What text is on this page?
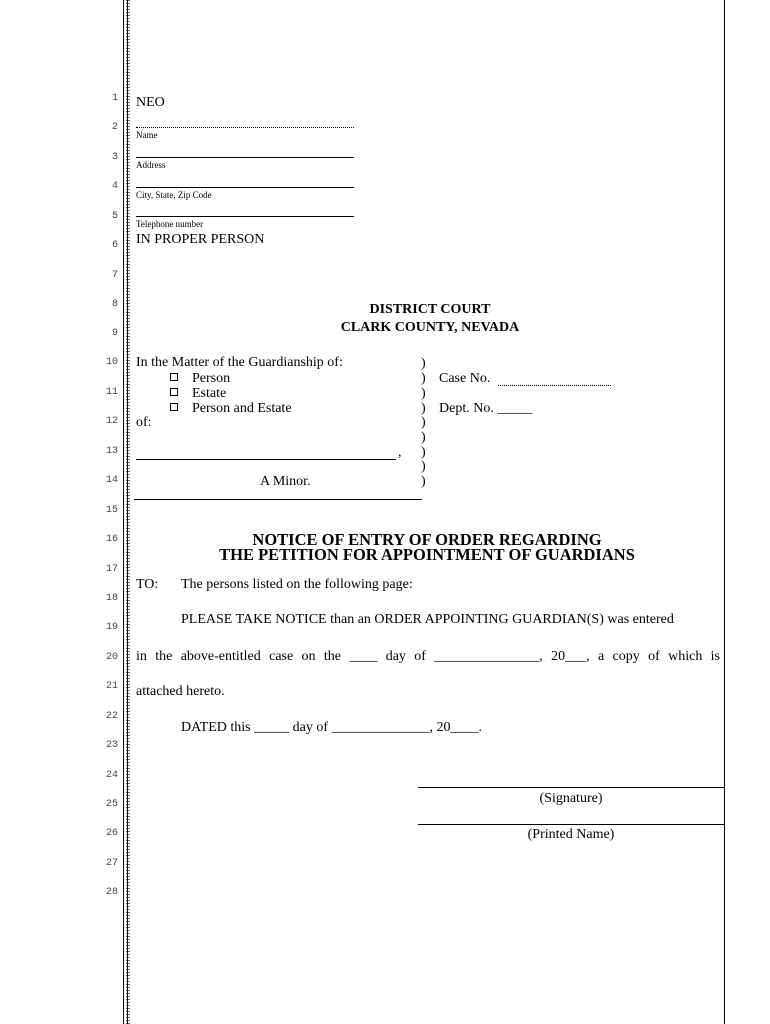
1
2
3
4
5
6
7
8
9
10
11
12
13
14
15
16
17
18
19
20
21
22
23
24
25
26
27
28
NEO
Name
Address
City, State, Zip Code
Telephone number
IN PROPER PERSON
DISTRICT COURT
CLARK COUNTY, NEVADA
In the Matter of the Guardianship of:
Person
Estate
Person and Estate
of:
,
A Minor.
)
)
)
)
)
)
)
)
)
Case No.
Dept. No. _____
NOTICE OF ENTRY OF ORDER REGARDING
THE PETITION FOR APPOINTMENT OF GUARDIANS
TO: The persons listed on the following page:
PLEASE TAKE NOTICE than an ORDER APPOINTING GUARDIAN(S) was entered
in the above-entitled case on the ____ day of _______________, 20___, a copy of which is
attached hereto.
DATED this _____ day of ______________, 20____.
(Signature)
(Printed Name)
